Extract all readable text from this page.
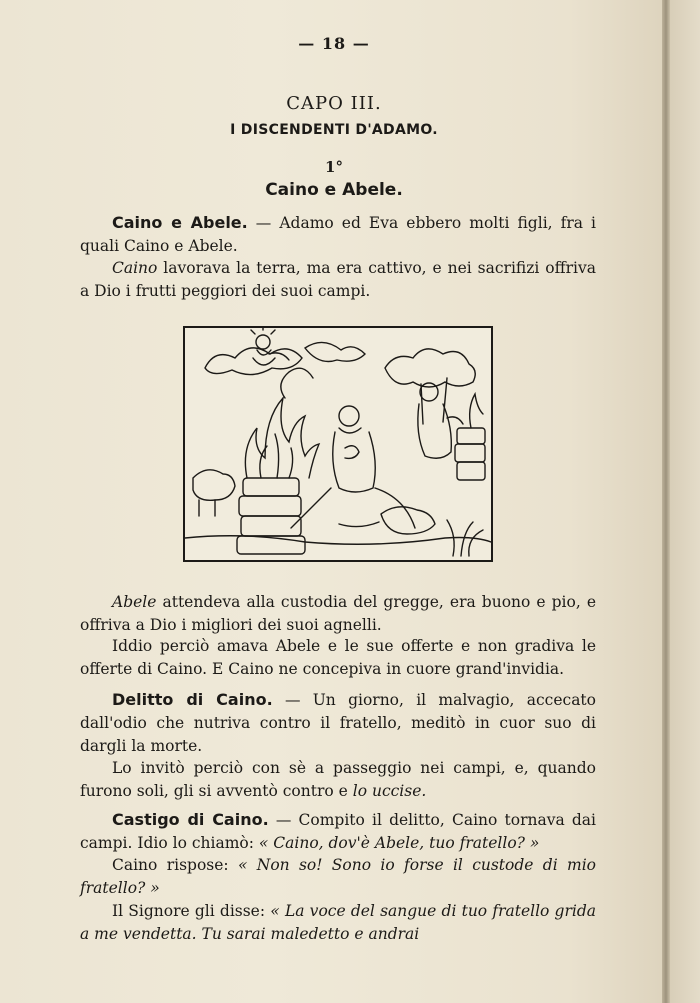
— 18 —
CAPO III.
I DISCENDENTI D'ADAMO.
1°
Caino e Abele.

Caino e Abele. — Adamo ed Eva ebbero molti figli, fra i quali Caino e Abele.

Caino lavorava la terra, ma era cattivo, e nei sacrifizi offriva a Dio i frutti peggiori dei suoi campi.

Abele attendeva alla custodia del gregge, era buono e pio, e offriva a Dio i migliori dei suoi agnelli.

Iddio perciò amava Abele e le sue offerte e non gradiva le offerte di Caino. E Caino ne concepiva in cuore grand'invidia.

Delitto di Caino. — Un giorno, il malvagio, accecato dall'odio che nutriva contro il fratello, meditò in cuor suo di dargli la morte.

Lo invitò perciò con sè a passeggio nei campi, e, quando furono soli, gli si avventò contro e lo uccise.

Castigo di Caino. — Compito il delitto, Caino tornava dai campi. Idio lo chiamò: « Caino, dov'è Abele, tuo fratello? »

Caino rispose: « Non so! Sono io forse il custode di mio fratello? »

Il Signore gli disse: « La voce del sangue di tuo fratello grida a me vendetta. Tu sarai maledetto e andrai
